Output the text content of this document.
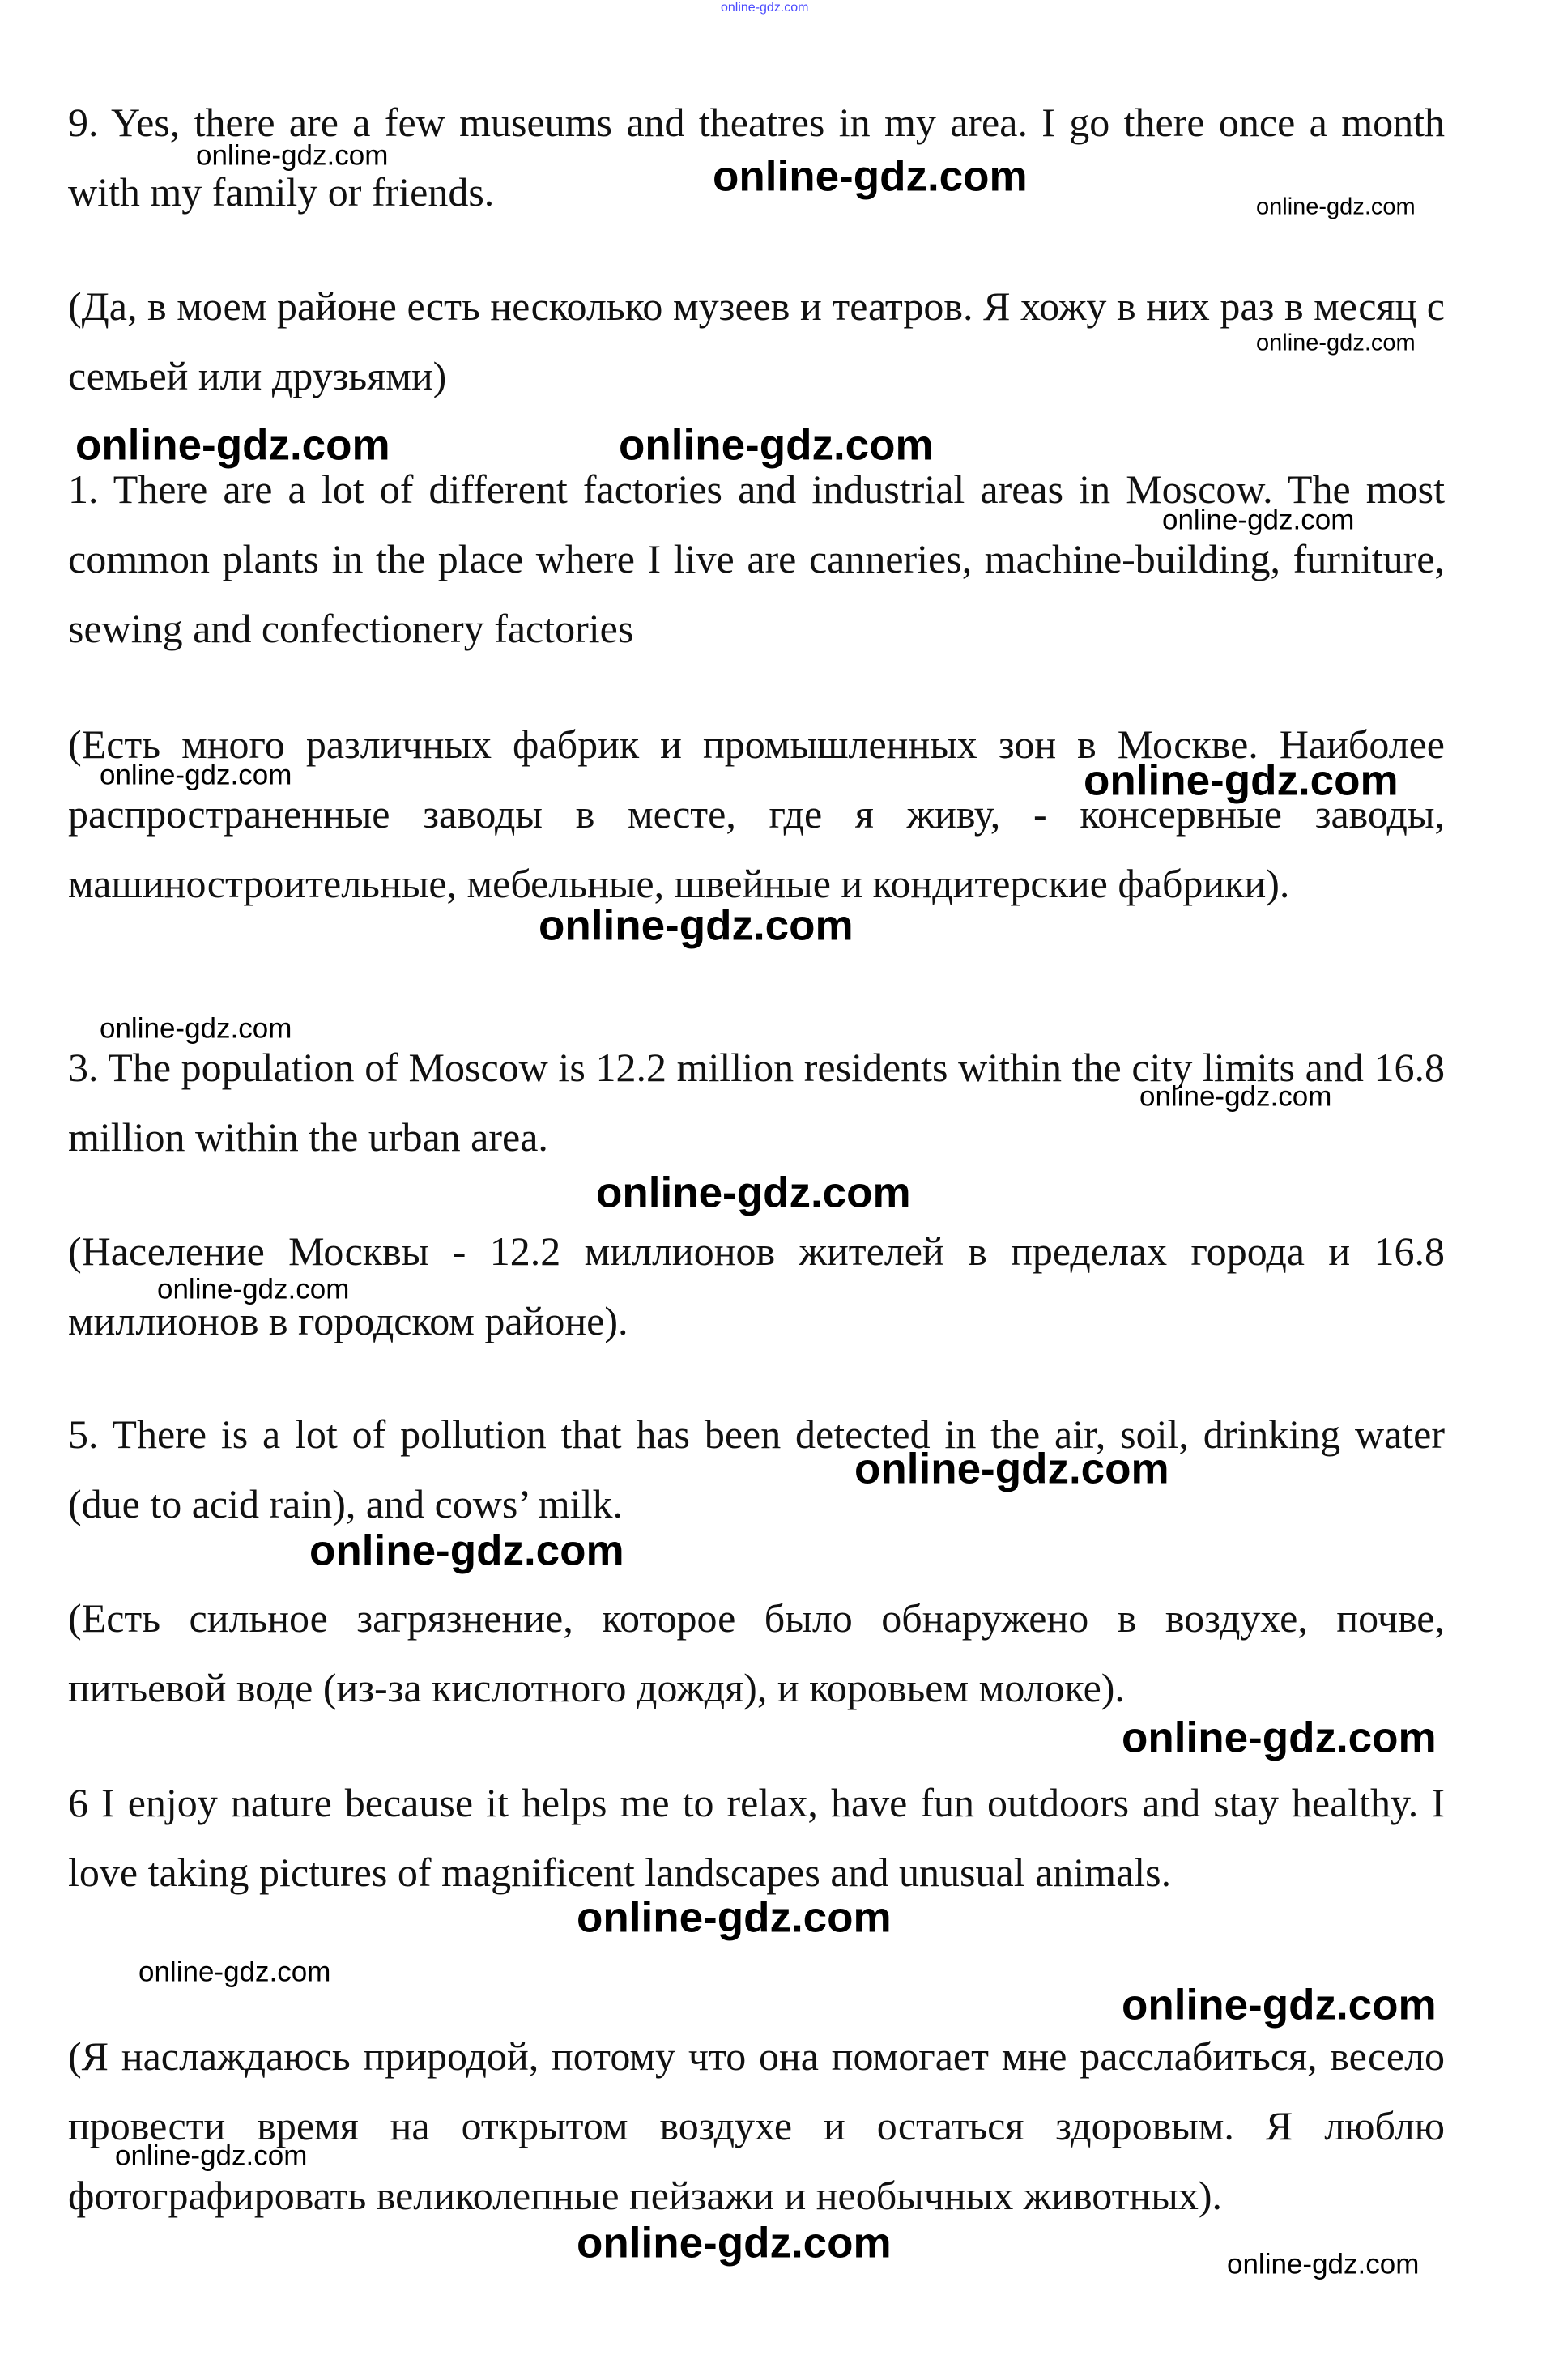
online-gdz.com

9. Yes, there are a few museums and theatres in my area. I go there once a month with my family or friends.

(Да, в моем районе есть несколько музеев и театров. Я хожу в них раз в месяц с семьей или друзьями)

1. There are a lot of different factories and industrial areas in Moscow. The most common plants in the place where I live are canneries, machine-building, furniture, sewing and confectionery factories

(Есть много различных фабрик и промышленных зон в Москве. Наиболее распространенные заводы в месте, где я живу, - консервные заводы, машиностроительные, мебельные, швейные и кондитерские фабрики).

3. The population of Moscow is 12.2 million residents within the city limits and 16.8 million within the urban area.

(Население Москвы - 12.2 миллионов жителей в пределах города и 16.8 миллионов в городском районе).

5. There is a lot of pollution that has been detected in the air, soil, drinking water (due to acid rain), and cows’ milk.

(Есть сильное загрязнение, которое было обнаружено в воздухе, почве, питьевой воде (из-за кислотного дождя), и коровьем молоке).

6 I enjoy nature because it helps me to relax, have fun outdoors and stay healthy. I love taking pictures of magnificent landscapes and unusual animals.

(Я наслаждаюсь природой, потому что она помогает мне расслабиться, весело провести время на открытом воздухе и остаться здоровым. Я люблю фотографировать великолепные пейзажи и необычных животных).

online-gdz.com
online-gdz.com	online-gdz.com
online-gdz.com
online-gdz.com
online-gdz.com
online-gdz.com
online-gdz.com
online-gdz.com
online-gdz.com
online-gdz.com
online-gdz.com
online-gdz.com
online-gdz.com
online-gdz.com
online-gdz.com
online-gdz.com
online-gdz.com
online-gdz.com
online-gdz.com
online-gdz.com
online-gdz.com
online-gdz.com
